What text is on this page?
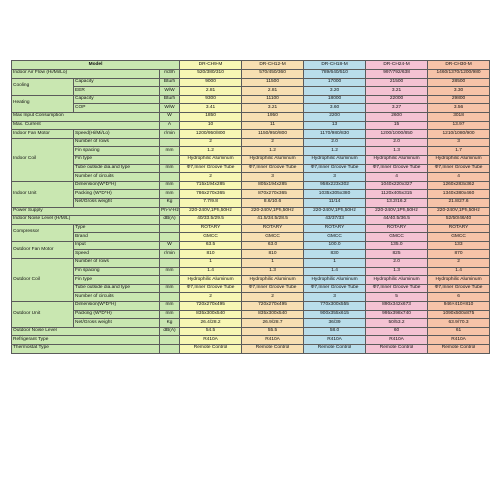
Model			DR-CH9-M	DR-CH12-M	DR-CH18-M	DR-CH24-M	DR-CH30-M
Indoor Air Flow (Hi/Mi/Lo)		m3/h	520/380/310	570/450/360	789/640/510	997/792/638	1460/1370/1200/980
Cooling	Capacity	Btu/h	9000	11500	17000	21500	28500
	EER	W/W	2.81	2.81	3.20	3.21	3.30
Heating	Capacity	Btu/h	9300	11100	18000	22000	29800
	COP	W/W	3.41	3.21	3.60	3.27	3.56
Max Input Consumption		W	1850	1950	2200	2600	3018
Max. Current		A	10	11	13	15	13.97
Indoor Fan Motor	Speed(Hi/Mi/Lo)	r/min	1200/950/800	1150/950/800	1170/980/830	1200/1000/850	1210/1080/900
Indoor Coil	Number of rows		2	2	2.0	2.0	3
	Fin spacing	mm	1.2	1.2	1.2	1.3	1.7
	Fin type		Hydrophilic Aluminum	Hydrophilic Aluminum	Hydrophilic Aluminum	Hydrophilic Aluminum	Hydrophilic Aluminum
	Tube outside dia.and type	mm	Φ7,Inner Groove Tube	Φ7,Inner Groove Tube	Φ7,Inner Groove Tube	Φ7,Inner Groove Tube	Φ7,Inner Groove Tube
	Number of circuits		2	3	3	4	4
Indoor Unit	Dimension(W*D*H)	mm	715x194x285	805x194x285	958x223x302	1040x220x327	1260x283x362
	Packing (W*D*H)	mm	786x270x365	870x270x365	1035x305x380	1120x405x315	1340x380x460
	Net/Gross weight	Kg	7.7/9.8	8.6/10.6	11/14	13.2/16.2	21.8/27.6
Power Supply		Ph-V-Hz	220-240V,1Ph,50Hz	220-240V,1Ph,50Hz	220-240V,1Ph,50Hz	220-240V,1Ph,50Hz	220-240V,1Ph,50Hz
Indoor Noise Level (H/M/L)		dB(A)	40/33.5/29.5	41.5/34.5/28.5	43/37/33	44/40.5/36.5	52/50/46/40
Compressor	Type		ROTARY	ROTARY	ROTARY	ROTARY	ROTARY
	Brand		GMCC	GMCC	GMCC	GMCC	GMCC
Outdoor Fan Motor	Input	W	63.5	63.0	100.0	135.0	133
	Speed	r/min	810	810	830	825	870
Outdoor Coil	Number of rows		1	1	1	2.0	2
	Fin spacing	mm	1.4	1.3	1.4	1.3	1.4
	Fin type		Hydrophilic Aluminum	Hydrophilic Aluminum	Hydrophilic Aluminum	Hydrophilic Aluminum	Hydrophilic Aluminum
	Tube outside dia.and type	mm	Φ7,Inner Groove Tube	Φ7,Inner Groove Tube	Φ7,Inner Groove Tube	Φ7,Inner Groove Tube	Φ7,Inner Groove Tube
	Number of circuits		2	2	3	5	6
Outdoor Unit	Dimension(W*D*H)	mm	720x270x495	720x270x495	770x300x555	890x342x673	946×410×810
	Packing (W*D*H)	mm	835x300x540	835x300x540	900x355x615	995x398x740	1090x500x875
	Net/Gross weight	Kg	26.4/28.2	26.9/28.7	36/39	50/53.2	63.9/70.3
Outdoor Noise Level		dB(A)	54.5	55.5	58.0	60	61
Refrigerant Type			R410A	R410A	R410A	R410A	R410A
Thermostat Type			Remote Control	Remote Control	Remote Control	Remote Control	Remote Control
